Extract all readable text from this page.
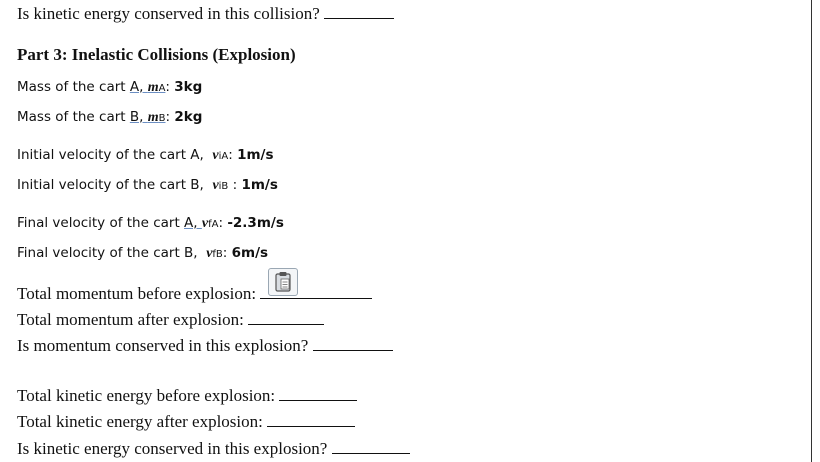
Is kinetic energy conserved in this collision?
Part 3: Inelastic Collisions (Explosion)
Mass of the cart A, mA: 3kg
Mass of the cart B, mB: 2kg
Initial velocity of the cart A, viA: 1m/s
Initial velocity of the cart B, viB : 1m/s
Final velocity of the cart A, vfA: -2.3m/s
Final velocity of the cart B, vfB: 6m/s
Total momentum before explosion:
Total momentum after explosion:
Is momentum conserved in this explosion?
Total kinetic energy before explosion:
Total kinetic energy after explosion:
Is kinetic energy conserved in this explosion?
